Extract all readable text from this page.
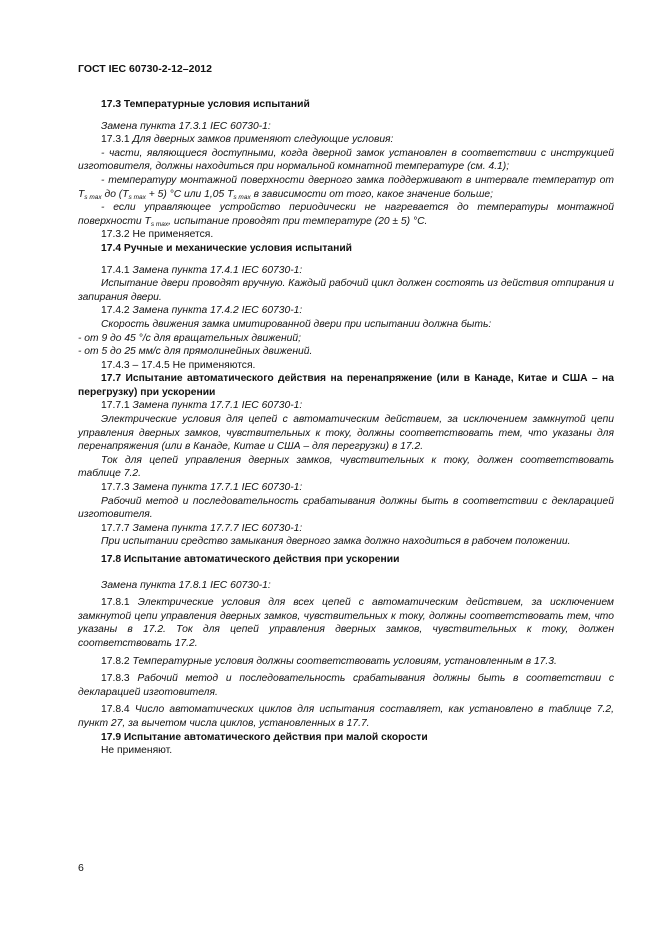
ГОСТ IEC 60730-2-12–2012

17.3 Температурные условия испытаний

Замена пункта 17.3.1 IEC 60730-1:

17.3.1 Для дверных замков применяют следующие условия:

- части, являющиеся доступными, когда дверной замок установлен в соответствии с инструкцией изготовителя, должны находиться при нормальной комнатной температуре (см. 4.1);

- температуру монтажной поверхности дверного замка поддерживают в интервале температур от $T_{s max}$ до $(T_{s max} + 5)$ °С или 1,05 $T_{s max}$ в зависимости от того, какое значение больше;

- если управляющее устройство периодически не нагревается до температуры монтажной поверхности $T_{s max}$, испытание проводят при температуре (20 ± 5) °С.

17.3.2 Не применяется.

17.4 Ручные и механические условия испытаний

17.4.1 Замена пункта 17.4.1 IEC 60730-1:

Испытание двери проводят вручную. Каждый рабочий цикл должен состоять из действия отпирания и запирания двери.

17.4.2 Замена пункта 17.4.2 IEC 60730-1:

Скорость движения замка имитированной двери при испытании должна быть:

- от 9 до 45 °/с для вращательных движений;

- от 5 до 25 мм/с для прямолинейных движений.

17.4.3 – 17.4.5 Не применяются.

17.7 Испытание автоматического действия на перенапряжение (или в Канаде, Китае и США – на перегрузку) при ускорении

17.7.1 Замена пункта 17.7.1 IEC 60730-1:

Электрические условия для цепей с автоматическим действием, за исключением замкнутой цепи управления дверных замков, чувствительных к току, должны соответствовать тем, что указаны для перенапряжения (или в Канаде, Китае и США – для перегрузки) в 17.2.

Ток для цепей управления дверных замков, чувствительных к току, должен соответствовать таблице 7.2.

17.7.3 Замена пункта 17.7.1 IEC 60730-1:

Рабочий метод и последовательность срабатывания должны быть в соответствии с декларацией изготовителя.

17.7.7 Замена пункта 17.7.7 IEC 60730-1:

При испытании средство замыкания дверного замка должно находиться в рабочем положении.

17.8 Испытание автоматического действия при ускорении

Замена пункта 17.8.1 IEC 60730-1:

17.8.1 Электрические условия для всех цепей с автоматическим действием, за исключением замкнутой цепи управления дверных замков, чувствительных к току, должны соответствовать тем, что указаны в 17.2. Ток для цепей управления дверных замков, чувствительных к току, должен соответствовать 17.2.

17.8.2 Температурные условия должны соответствовать условиям, установленным в 17.3.

17.8.3 Рабочий метод и последовательность срабатывания должны быть в соответствии с декларацией изготовителя.

17.8.4 Число автоматических циклов для испытания составляет, как установлено в таблице 7.2, пункт 27, за вычетом числа циклов, установленных в 17.7.

17.9 Испытание автоматического действия при малой скорости

Не применяют.

6
